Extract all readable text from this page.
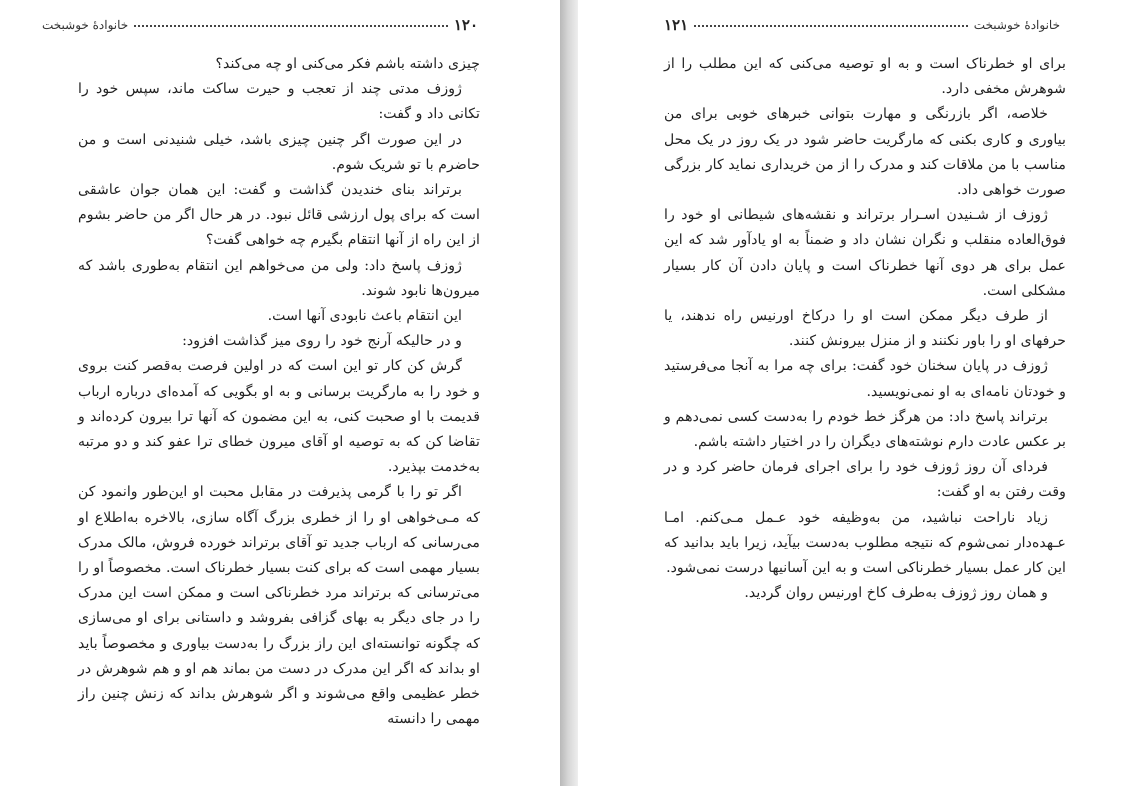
۱۲۰
خانوادهٔ خوشبخت

چیزی داشته باشم فکر می‌کنی او چه می‌کند؟

ژوزف مدتی چند از تعجب و حیرت ساکت ماند، سپس خود را تکانی داد و گفت:

در این صورت اگر چنین چیزی باشد، خیلی شنیدنی است و من حاضرم با تو شریک شوم.

برتراند بنای خندیدن گذاشت و گفت: این همان جوان عاشقی است که برای پول ارزشی قائل نبود. در هر حال اگر من حاضر بشوم از این راه از آنها انتقام بگیرم چه خواهی گفت؟

ژوزف پاسخ داد: ولی من می‌خواهم این انتقام به‌طوری باشد که میرون‌ها نابود شوند.

این انتقام باعث نابودی آنها است.

و در حالیکه آرنج خود را روی میز گذاشت افزود:

گرش کن کار تو این است که در اولین فرصت به‌قصر کنت بروی و خود را به مارگریت برسانی و به او بگویی که آمده‌ای درباره ارباب قدیمت با او صحبت کنی، به این مضمون که آنها ترا بیرون کرده‌اند و تقاضا کن که به توصیه او آقای میرون خطای ترا عفو کند و دو مرتبه به‌خدمت بپذیرد.

اگر تو را با گرمی پذیرفت در مقابل محبت او این‌طور وانمود کن که مـی‌خواهی او را از خطری بزرگ آگاه سازی، بالاخره به‌اطلاع او می‌رسانی که ارباب جدید تو آقای برتراند خورده فروش، مالک مدرک بسیار مهمی است که برای کنت بسیار خطرناک است. مخصوصاً او را می‌ترسانی که برتراند مرد خطرناکی است و ممکن است این مدرک را در جای دیگر به بهای گزافی بفروشد و داستانی برای او می‌سازی که چگونه توانسته‌ای این راز بزرگ را به‌دست بیاوری و مخصوصاً باید او بداند که اگر این مدرک در دست من بماند هم او و هم شوهرش در خطر عظیمی واقع می‌شوند و اگر شوهرش بداند که زنش چنین راز مهمی را دانسته

خانوادهٔ خوشبخت
۱۲۱

برای او خطرناک است و به او توصیه می‌کنی که این مطلب را از شوهرش مخفی دارد.

خلاصه، اگر بازرنگی و مهارت بتوانی خبرهای خوبی برای من بیاوری و کاری بکنی که مارگریت حاضر شود در یک روز در یک محل مناسب با من ملاقات کند و مدرک را از من خریداری نماید کار بزرگی صورت خواهی داد.

ژوزف از شـنیدن اسـرار برتراند و نقشه‌های شیطانی او خود را فوق‌العاده منقلب و نگران نشان داد و ضمناً به او یادآور شد که این عمل برای هر دوی آنها خطرناک است و پایان دادن آن کار بسیار مشکلی است.

از طرف دیگر ممکن است او را درکاخ اورنیس راه ندهند، یا حرفهای او را باور نکنند و از منزل بیرونش کنند.

ژوزف در پایان سخنان خود گفت: برای چه مرا به آنجا می‌فرستید و خودتان نامه‌ای به او نمی‌نویسید.

برتراند پاسخ داد: من هرگز خط خودم را به‌دست کسی نمی‌دهم و بر عکس عادت دارم نوشته‌های دیگران را در اختیار داشته باشم.

فردای آن روز ژوزف خود را برای اجرای فرمان حاضر کرد و در وقت رفتن به او گفت:

زیاد ناراحت نباشید، من به‌وظیفه خود عـمل مـی‌کنم. امـا عـهده‌دار نمی‌شوم که نتیجه مطلوب به‌دست بیآید، زیرا باید بدانید که این کار عمل بسیار خطرناکی است و به این آسانیها درست نمی‌شود.

و همان روز ژوزف به‌طرف کاخ اورنیس روان گردید.
